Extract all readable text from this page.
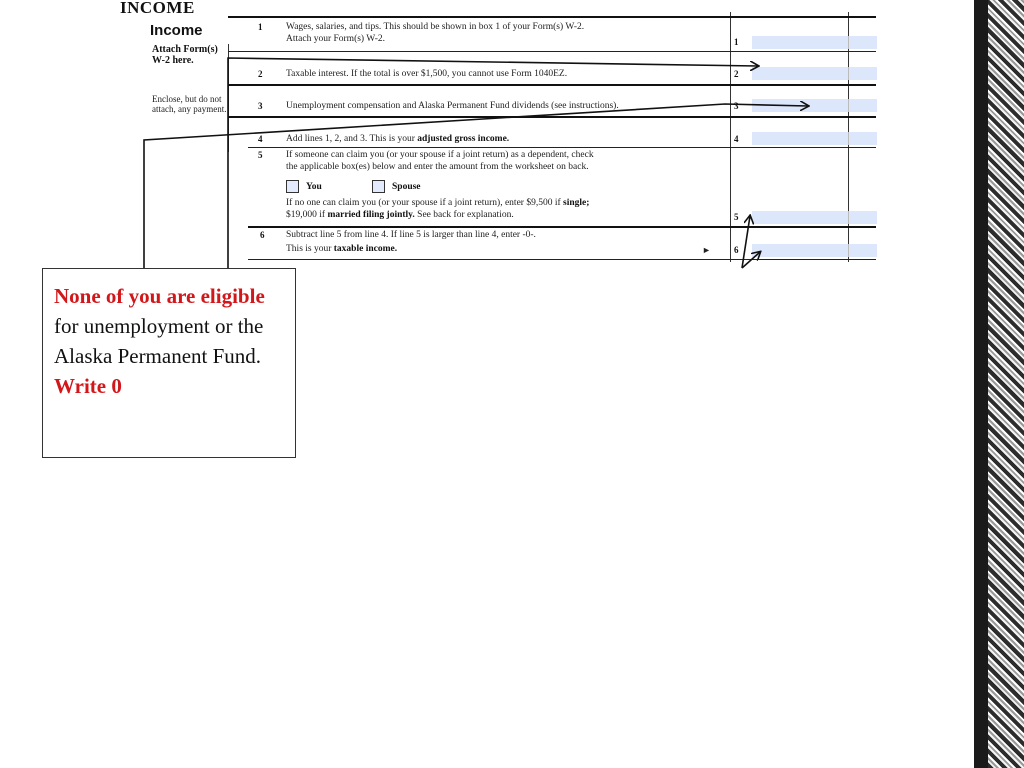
INCOME
Income
Attach Form(s) W-2 here.
Enclose, but do not attach, any payment.
1 Wages, salaries, and tips. This should be shown in box 1 of your Form(s) W-2.
Attach your Form(s) W-2.	1
2 Taxable interest. If the total is over $1,500, you cannot use Form 1040EZ.	2
3 Unemployment compensation and Alaska Permanent Fund dividends (see instructions).	3
4 Add lines 1, 2, and 3. This is your adjusted gross income.	4
5 If someone can claim you (or your spouse if a joint return) as a dependent, check
the applicable box(es) below and enter the amount from the worksheet on back.
You	Spouse
If no one can claim you (or your spouse if a joint return), enter $9,500 if single;
$19,000 if married filing jointly. See back for explanation.	5
6 Subtract line 5 from line 4. If line 5 is larger than line 4, enter -0-.
This is your taxable income.	►	6
None of you are eligible for unemployment or the Alaska Permanent Fund. Write 0
